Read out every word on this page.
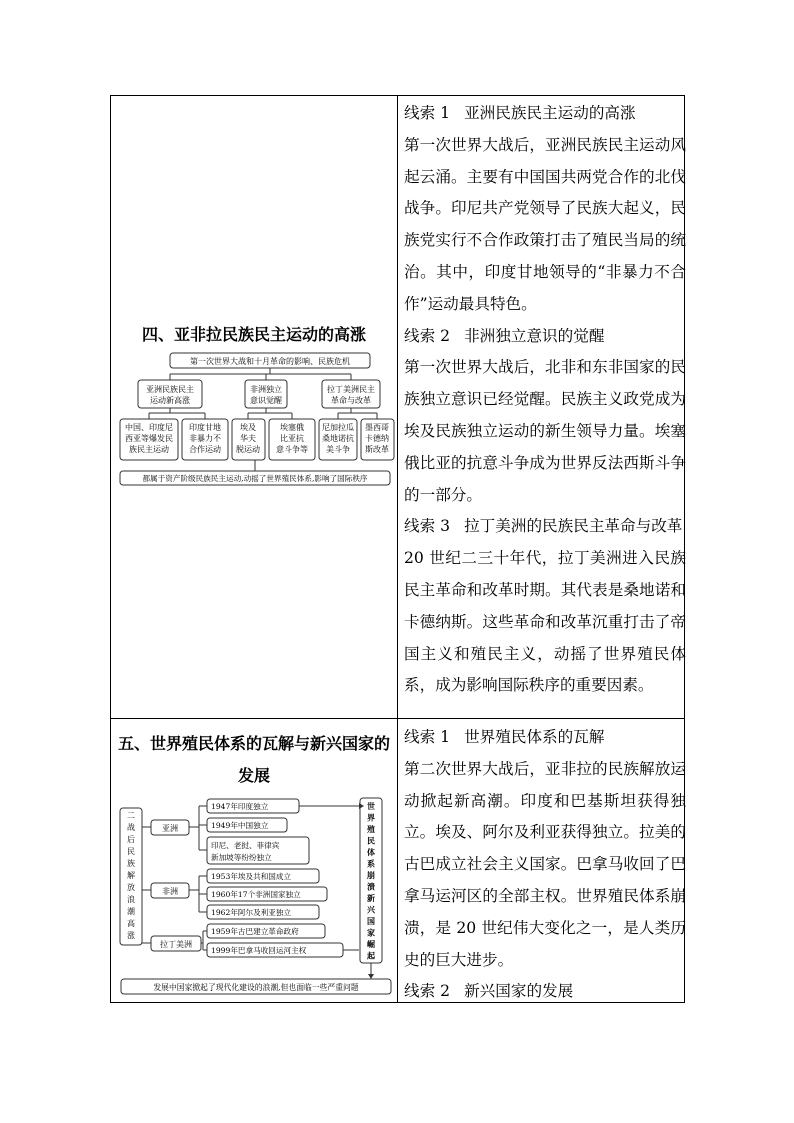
四、亚非拉民族民主运动的高涨
第一次世界大战和十月革命的影响、民族危机
亚洲民族民主
运动新高涨
非洲独立
意识觉醒
拉丁美洲民主
革命与改革
中国、印度尼
西亚等爆发民
族民主运动
印度甘地
非暴力不
合作运动
埃及
华夫
脱运动
埃塞俄
比亚抗
意斗争等
尼加拉瓜
桑地诺抗
美斗争
墨西哥
卡德纳
斯改革
都属于资产阶级民族民主运动,动摇了世界殖民体系,影响了国际秩序

线索 1 亚洲民族民主运动的高涨

第一次世界大战后，亚洲民族民主运动风起云涌。主要有中国国共两党合作的北伐战争。印尼共产党领导了民族大起义，民族党实行不合作政策打击了殖民当局的统治。其中，印度甘地领导的“非暴力不合作”运动最具特色。

线索 2 非洲独立意识的觉醒

第一次世界大战后，北非和东非国家的民族独立意识已经觉醒。民族主义政党成为埃及民族独立运动的新生领导力量。埃塞俄比亚的抗意斗争成为世界反法西斯斗争的一部分。

线索 3 拉丁美洲的民族民主革命与改革

20 世纪二三十年代，拉丁美洲进入民族民主革命和改革时期。其代表是桑地诺和卡德纳斯。这些革命和改革沉重打击了帝国主义和殖民主义，动摇了世界殖民体系，成为影响国际秩序的重要因素。

五、世界殖民体系的瓦解与新兴国家的
发展
二
战
后
民
族
解
放
浪
潮
高
涨
亚洲
非洲
拉丁美洲
1947年印度独立
1949年中国独立
印尼、老挝、菲律宾
新加坡等纷纷独立
1953年埃及共和国成立
1960年17个非洲国家独立
1962年阿尔及利亚独立
1959年古巴建立革命政府
1999年巴拿马收回运河主权
世
界
殖
民
体
系
崩
溃
新
兴
国
家
崛
起
发展中国家掀起了现代化建设的浪潮,但也面临一些严重问题

线索 1 世界殖民体系的瓦解

第二次世界大战后，亚非拉的民族解放运动掀起新高潮。印度和巴基斯坦获得独立。埃及、阿尔及利亚获得独立。拉美的古巴成立社会主义国家。巴拿马收回了巴拿马运河区的全部主权。世界殖民体系崩溃，是 20 世纪伟大变化之一，是人类历史的巨大进步。

线索 2 新兴国家的发展
